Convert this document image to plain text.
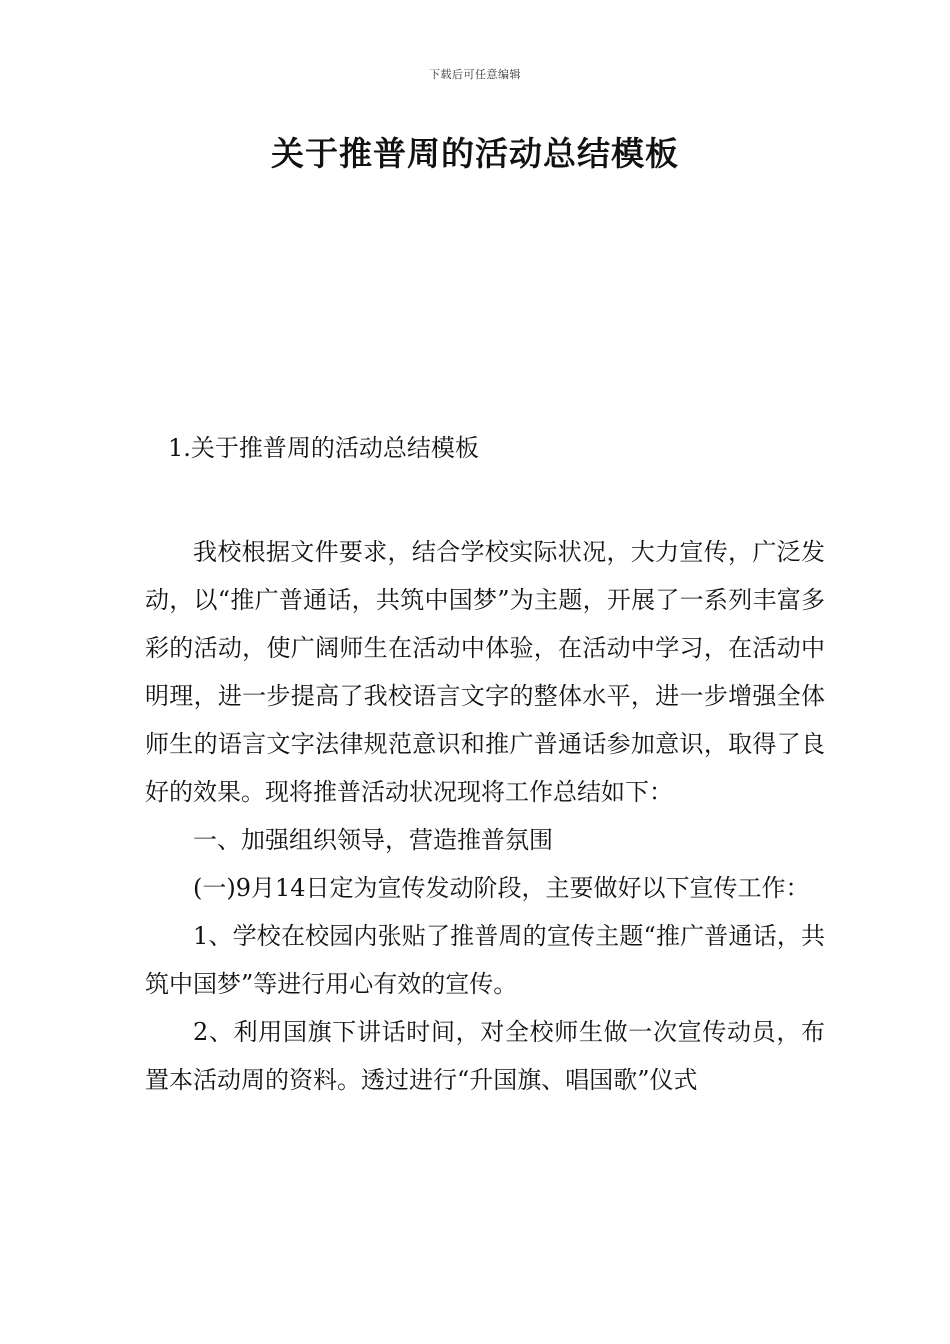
下载后可任意编辑
关于推普周的活动总结模板
1.关于推普周的活动总结模板

我校根据文件要求，结合学校实际状况，大力宣传，广泛发动，以“推广普通话，共筑中国梦”为主题，开展了一系列丰富多彩的活动，使广阔师生在活动中体验，在活动中学习，在活动中明理，进一步提高了我校语言文字的整体水平，进一步增强全体师生的语言文字法律规范意识和推广普通话参加意识，取得了良好的效果。现将推普活动状况现将工作总结如下：

一、加强组织领导，营造推普氛围

(一)9月14日定为宣传发动阶段，主要做好以下宣传工作：

1、学校在校园内张贴了推普周的宣传主题“推广普通话，共筑中国梦”等进行用心有效的宣传。

2、利用国旗下讲话时间，对全校师生做一次宣传动员，布置本活动周的资料。透过进行“升国旗、唱国歌”仪式
